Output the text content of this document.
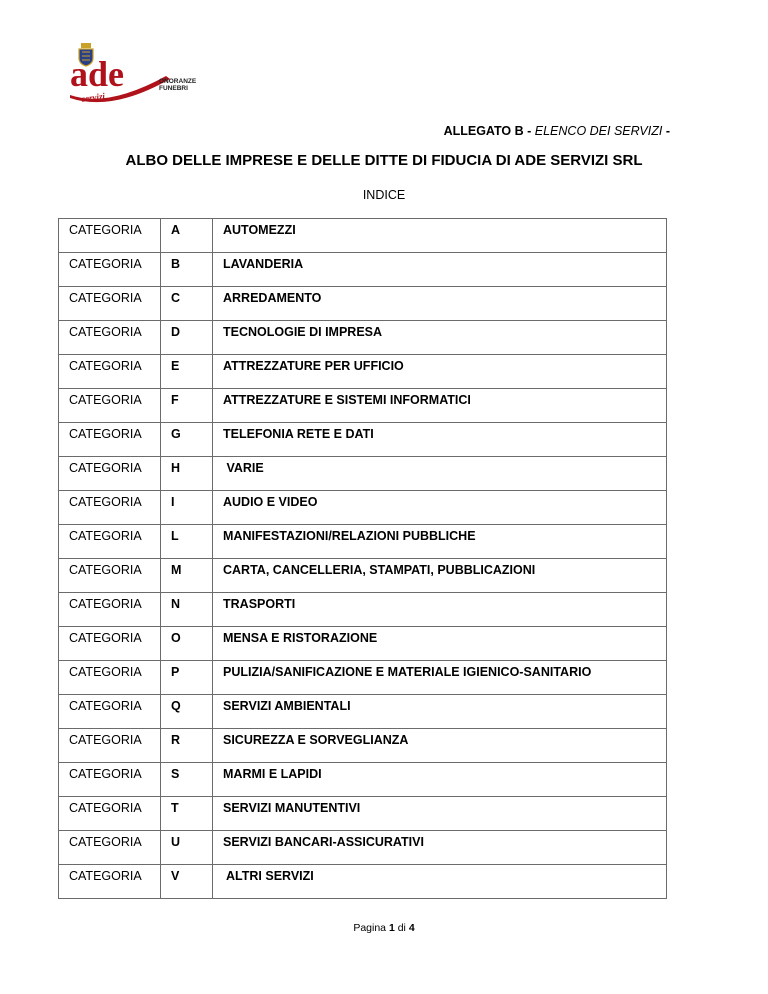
ade
servizi
ONORANZE
FUNEBRI
ALLEGATO B - ELENCO DEI SERVIZI -
ALBO DELLE IMPRESE E DELLE DITTE DI FIDUCIA DI ADE SERVIZI SRL
INDICE
CATEGORIA	A	AUTOMEZZI
CATEGORIA	B	LAVANDERIA
CATEGORIA	C	ARREDAMENTO
CATEGORIA	D	TECNOLOGIE DI IMPRESA
CATEGORIA	E	ATTREZZATURE PER UFFICIO
CATEGORIA	F	ATTREZZATURE E SISTEMI INFORMATICI
CATEGORIA	G	TELEFONIA RETE E DATI
CATEGORIA	H	VARIE
CATEGORIA	I	AUDIO E VIDEO
CATEGORIA	L	MANIFESTAZIONI/RELAZIONI PUBBLICHE
CATEGORIA	M	CARTA, CANCELLERIA, STAMPATI, PUBBLICAZIONI
CATEGORIA	N	TRASPORTI
CATEGORIA	O	MENSA E RISTORAZIONE
CATEGORIA	P	PULIZIA/SANIFICAZIONE E MATERIALE IGIENICO-SANITARIO
CATEGORIA	Q	SERVIZI AMBIENTALI
CATEGORIA	R	SICUREZZA E SORVEGLIANZA
CATEGORIA	S	MARMI E LAPIDI
CATEGORIA	T	SERVIZI MANUTENTIVI
CATEGORIA	U	SERVIZI BANCARI-ASSICURATIVI
CATEGORIA	V	ALTRI SERVIZI
Pagina 1 di 4
